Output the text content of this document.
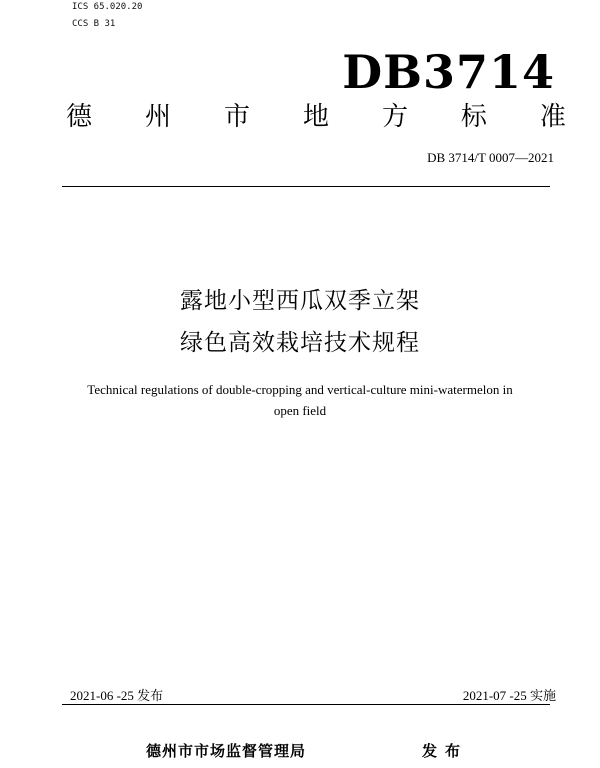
ICS 65.020.20
CCS B 31
DB3714
德 州 市 地 方 标 准
DB 3714/T 0007—2021
露地小型西瓜双季立架
绿色高效栽培技术规程
Technical regulations of double-cropping and vertical-culture mini-watermelon in
open field
2021-06 -25 发布	2021-07 -25 实施
德州市市场监督管理局	发布
